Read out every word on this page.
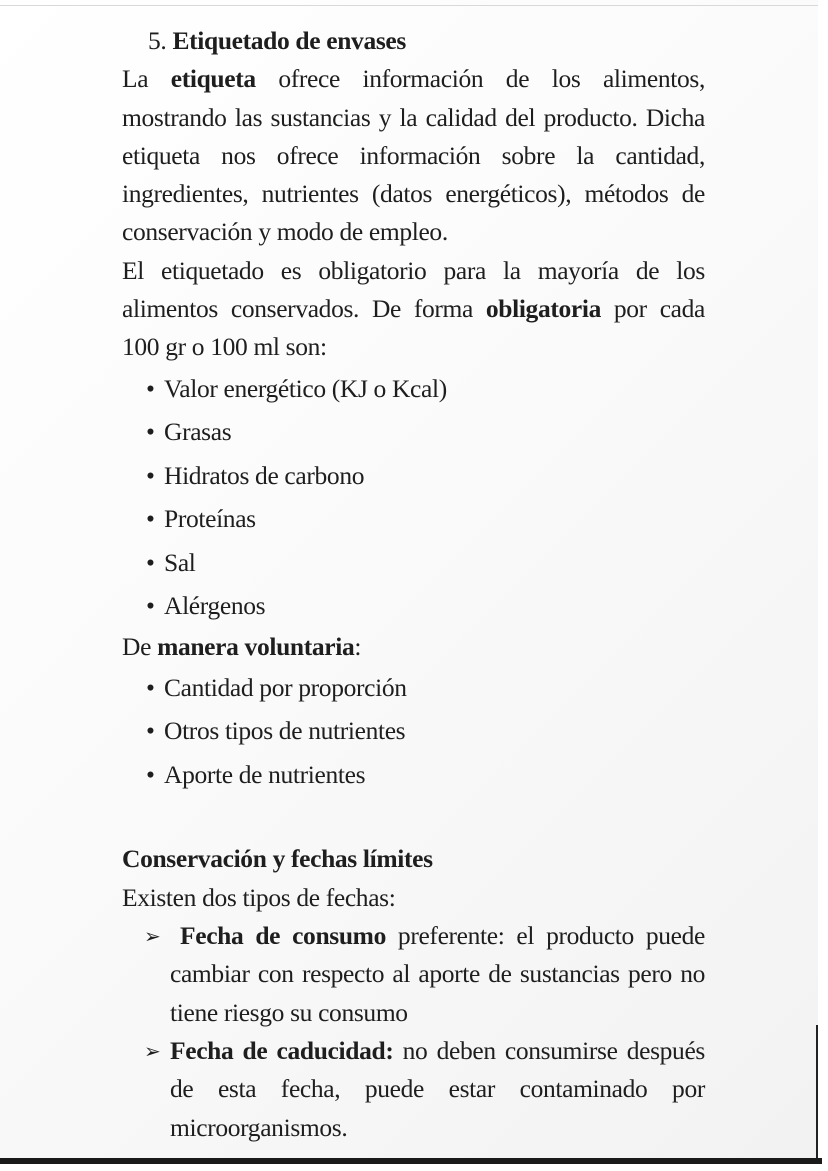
5. Etiquetado de envases

La etiqueta ofrece información de los alimentos, mostrando las sustancias y la calidad del producto. Dicha etiqueta nos ofrece información sobre la cantidad, ingredientes, nutrientes (datos energéticos), métodos de conservación y modo de empleo.

El etiquetado es obligatorio para la mayoría de los alimentos conservados. De forma obligatoria por cada 100 gr o 100 ml son:

• Valor energético (KJ o Kcal)
• Grasas
• Hidratos de carbono
• Proteínas
• Sal
• Alérgenos

De manera voluntaria:

• Cantidad por proporción
• Otros tipos de nutrientes
• Aporte de nutrientes

Conservación y fechas límites

Existen dos tipos de fechas:

➢ Fecha de consumo preferente: el producto puede cambiar con respecto al aporte de sustancias pero no tiene riesgo su consumo
➢ Fecha de caducidad: no deben consumirse después de esta fecha, puede estar contaminado por microorganismos.
